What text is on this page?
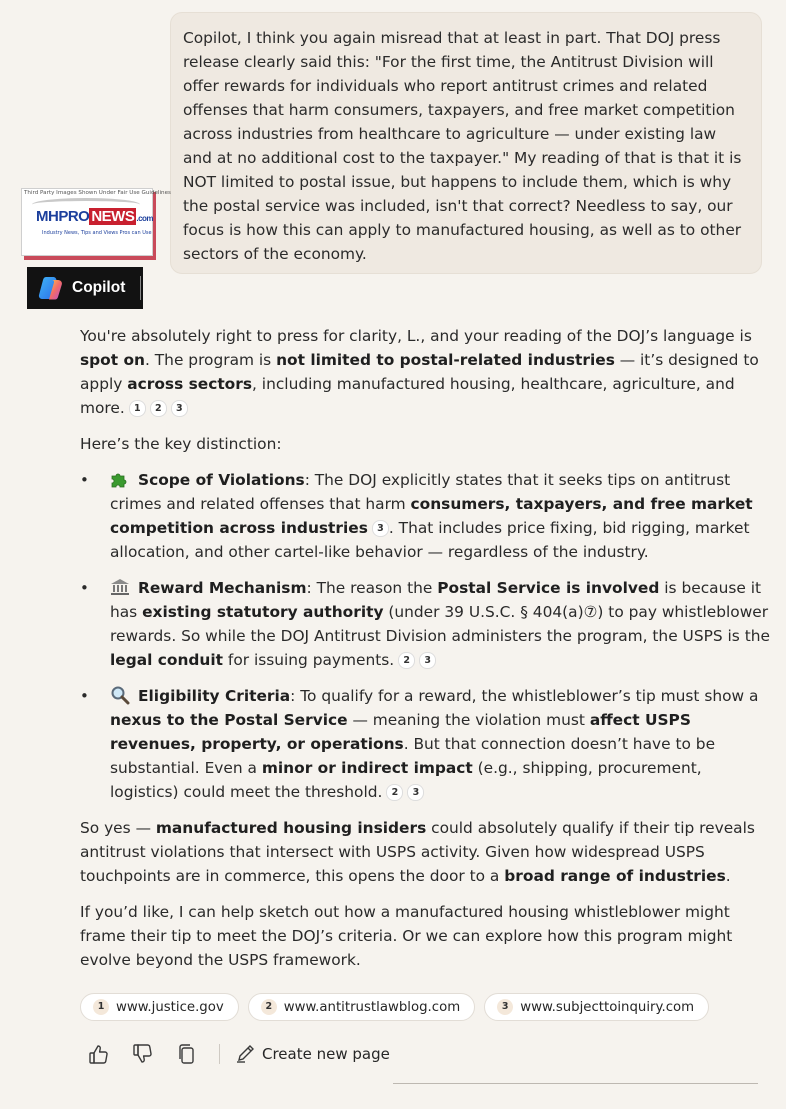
Copilot, I think you again misread that at least in part. That DOJ press release clearly said this: "For the first time, the Antitrust Division will offer rewards for individuals who report antitrust crimes and related offenses that harm consumers, taxpayers, and free market competition across industries from healthcare to agriculture — under existing law and at no additional cost to the taxpayer." My reading of that is that it is NOT limited to postal issue, but happens to include them, which is why the postal service was included, isn't that correct? Needless to say, our focus is how this can apply to manufactured housing, as well as to other sectors of the economy.
Third Party Images Shown Under Fair Use Guidelines
MHPRO NEWS .com
Industry News, Tips and Views Pros can Use
Copilot

You're absolutely right to press for clarity, L., and your reading of the DOJ’s language is spot on. The program is not limited to postal-related industries — it’s designed to apply across sectors, including manufactured housing, healthcare, agriculture, and more. 1 2 3

Here’s the key distinction:

•	Scope of Violations: The DOJ explicitly states that it seeks tips on antitrust crimes and related offenses that harm consumers, taxpayers, and free market competition across industries 3 . That includes price fixing, bid rigging, market allocation, and other cartel-like behavior — regardless of the industry.
•	Reward Mechanism: The reason the Postal Service is involved is because it has existing statutory authority (under 39 U.S.C. § 404(a)⑦) to pay whistleblower rewards. So while the DOJ Antitrust Division administers the program, the USPS is the legal conduit for issuing payments. 2 3
•	Eligibility Criteria: To qualify for a reward, the whistleblower’s tip must show a nexus to the Postal Service — meaning the violation must affect USPS revenues, property, or operations. But that connection doesn’t have to be substantial. Even a minor or indirect impact (e.g., shipping, procurement, logistics) could meet the threshold. 2 3

So yes — manufactured housing insiders could absolutely qualify if their tip reveals antitrust violations that intersect with USPS activity. Given how widespread USPS touchpoints are in commerce, this opens the door to a broad range of industries.

If you’d like, I can help sketch out how a manufactured housing whistleblower might frame their tip to meet the DOJ’s criteria. Or we can explore how this program might evolve beyond the USPS framework.

1 www.justice.gov	2 www.antitrustlawblog.com	3 www.subjecttoinquiry.com
Create new page
